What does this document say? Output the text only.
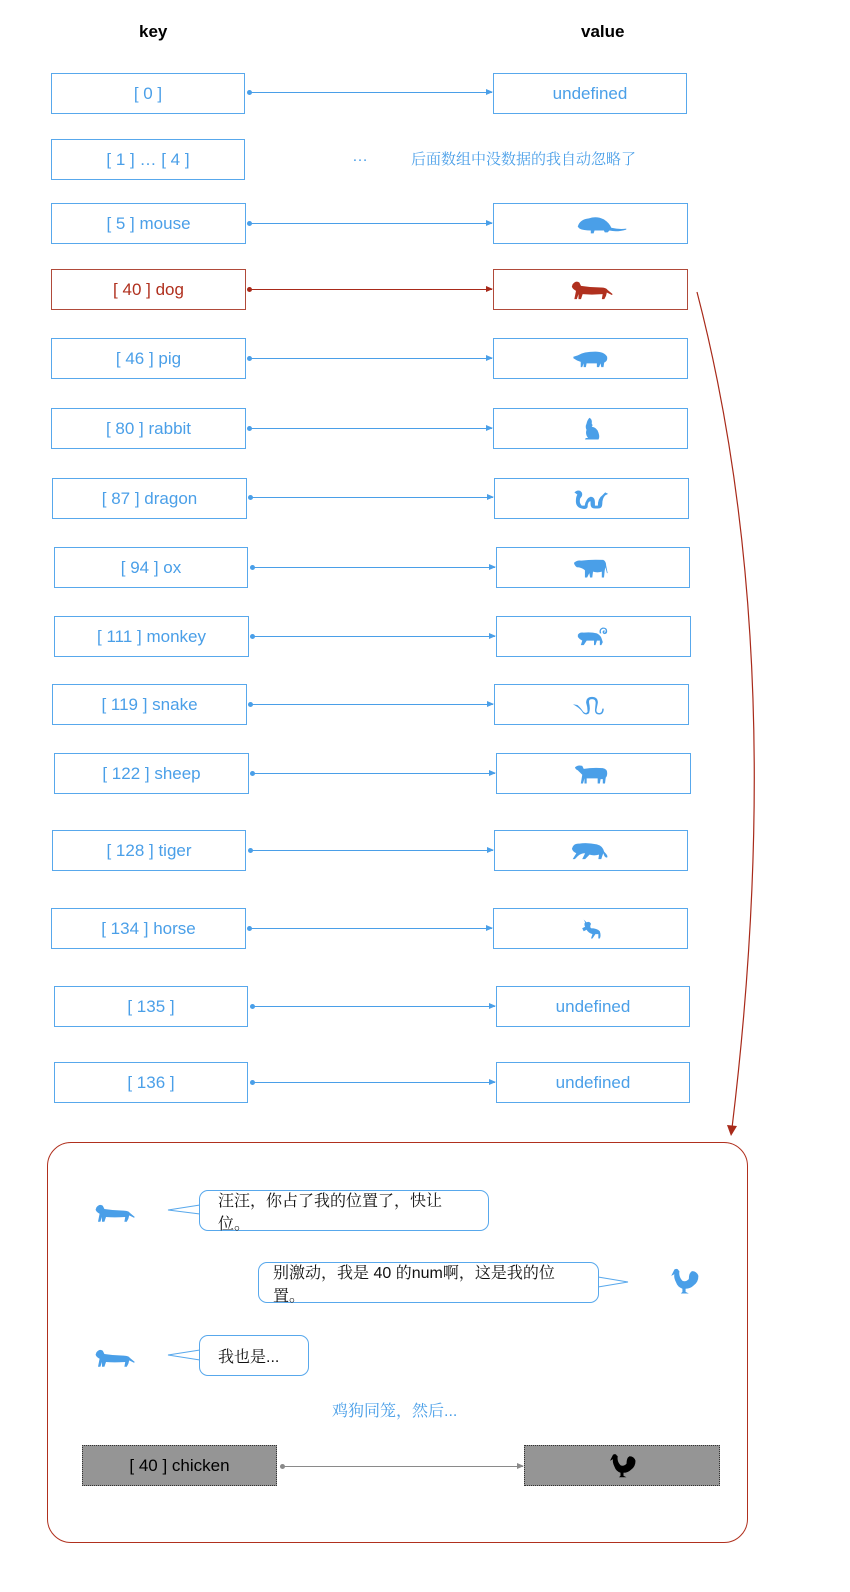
key	value
[ 0 ]	undefined
[ 1 ] … [ 4 ]	…	后面数组中没数据的我自动忽略了
[ 5 ] mouse
[ 40 ] dog
[ 46 ] pig
[ 80 ] rabbit
[ 87 ] dragon
[ 94 ] ox
[ 111 ] monkey
[ 119 ] snake
[ 122 ] sheep
[ 128 ] tiger
[ 134 ] horse
[ 135 ]	undefined
[ 136 ]	undefined
汪汪，你占了我的位置了，快让位。
别激动，我是 40 的num啊，这是我的位置。
我也是...
鸡狗同笼，然后...
[ 40 ] chicken
